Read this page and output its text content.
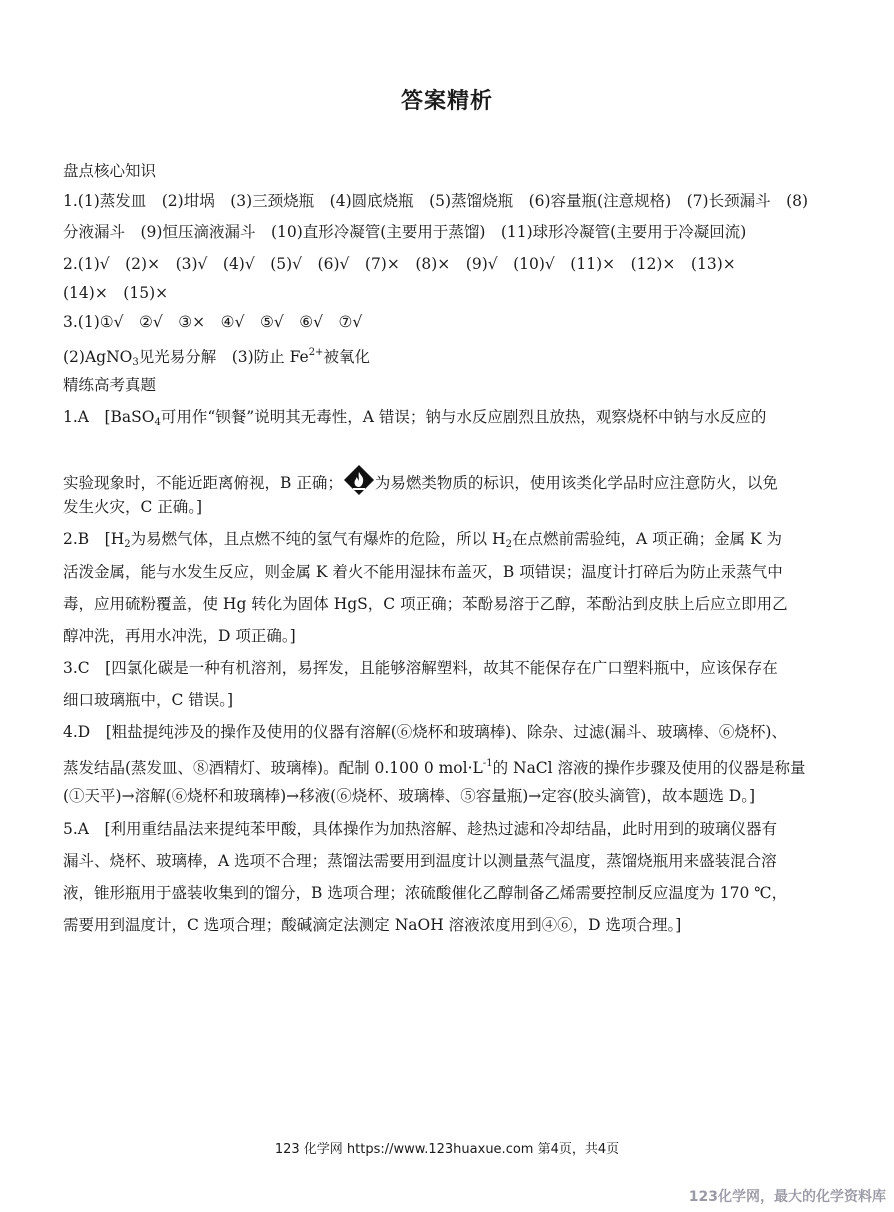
答案精析
盘点核心知识
1.(1)蒸发皿　(2)坩埚　(3)三颈烧瓶　(4)圆底烧瓶　(5)蒸馏烧瓶　(6)容量瓶(注意规格)　(7)长颈漏斗　(8)
分液漏斗　(9)恒压滴液漏斗　(10)直形冷凝管(主要用于蒸馏)　(11)球形冷凝管(主要用于冷凝回流)
2.(1)√　(2)×　(3)√　(4)√　(5)√　(6)√　(7)×　(8)×　(9)√　(10)√　(11)×　(12)×　(13)×
(14)×　(15)×
3.(1)①√　②√　③×　④√　⑤√　⑥√　⑦√
(2)AgNO$_3$见光易分解　(3)防止 $Fe^{2+}$被氧化
精练高考真题
1.A　[BaSO$_4$可用作“钡餐”说明其无毒性，A 错误；钠与水反应剧烈且放热，观察烧杯中钠与水反应的
实验现象时，不能近距离俯视，B 正确； 为易燃类物质的标识，使用该类化学品时应注意防火，以免
发生火灾，C 正确。]
2.B　[$H_2$为易燃气体，且点燃不纯的氢气有爆炸的危险，所以 $H_2$在点燃前需验纯，A 项正确；金属 K 为
活泼金属，能与水发生反应，则金属 K 着火不能用湿抹布盖灭，B 项错误；温度计打碎后为防止汞蒸气中
毒，应用硫粉覆盖，使 Hg 转化为固体 HgS，C 项正确；苯酚易溶于乙醇，苯酚沾到皮肤上后应立即用乙
醇冲洗，再用水冲洗，D 项正确。]
3.C　[四氯化碳是一种有机溶剂，易挥发，且能够溶解塑料，故其不能保存在广口塑料瓶中，应该保存在
细口玻璃瓶中，C 错误。]
4.D　[粗盐提纯涉及的操作及使用的仪器有溶解(⑥烧杯和玻璃棒)、除杂、过滤(漏斗、玻璃棒、⑥烧杯)、
蒸发结晶(蒸发皿、⑧酒精灯、玻璃棒)。配制 0.100 0 $mol\cdot L^{-1}$的 NaCl 溶液的操作步骤及使用的仪器是称量
(①天平)→溶解(⑥烧杯和玻璃棒)→移液(⑥烧杯、玻璃棒、⑤容量瓶)→定容(胶头滴管)，故本题选 D。]
5.A　[利用重结晶法来提纯苯甲酸，具体操作为加热溶解、趁热过滤和冷却结晶，此时用到的玻璃仪器有
漏斗、烧杯、玻璃棒，A 选项不合理；蒸馏法需要用到温度计以测量蒸气温度，蒸馏烧瓶用来盛装混合溶
液，锥形瓶用于盛装收集到的馏分，B 选项合理；浓硫酸催化乙醇制备乙烯需要控制反应温度为 170 ℃，
需要用到温度计，C 选项合理；酸碱滴定法测定 NaOH 溶液浓度用到④⑥，D 选项合理。]
123 化学网 https://www.123huaxue.com 第4页，共4页
123化学网，最大的化学资料库
